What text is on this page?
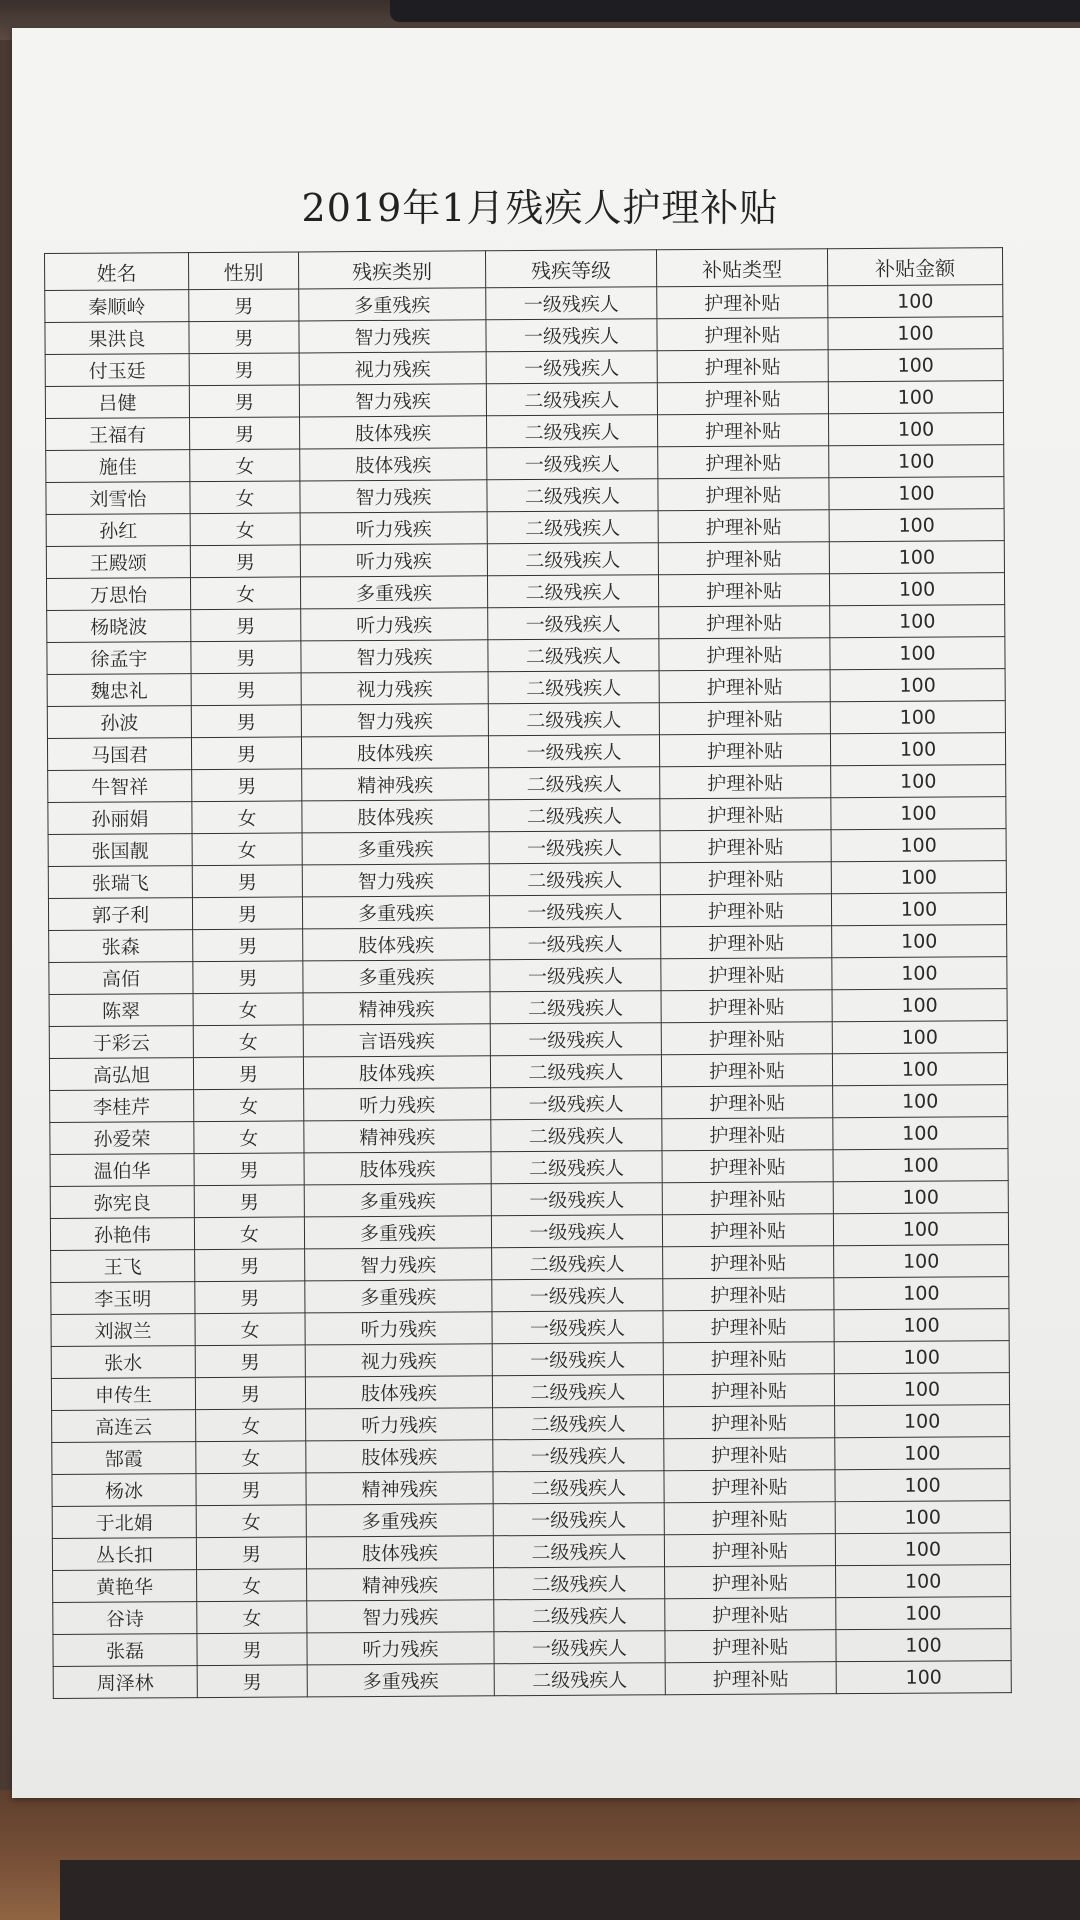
2019年1月残疾人护理补贴
姓名	性别	残疾类别	残疾等级	补贴类型	补贴金额
秦顺岭	男	多重残疾	一级残疾人	护理补贴	100
果洪良	男	智力残疾	一级残疾人	护理补贴	100
付玉廷	男	视力残疾	一级残疾人	护理补贴	100
吕健	男	智力残疾	二级残疾人	护理补贴	100
王福有	男	肢体残疾	二级残疾人	护理补贴	100
施佳	女	肢体残疾	一级残疾人	护理补贴	100
刘雪怡	女	智力残疾	二级残疾人	护理补贴	100
孙红	女	听力残疾	二级残疾人	护理补贴	100
王殿颂	男	听力残疾	二级残疾人	护理补贴	100
万思怡	女	多重残疾	二级残疾人	护理补贴	100
杨晓波	男	听力残疾	一级残疾人	护理补贴	100
徐孟宇	男	智力残疾	二级残疾人	护理补贴	100
魏忠礼	男	视力残疾	二级残疾人	护理补贴	100
孙波	男	智力残疾	二级残疾人	护理补贴	100
马国君	男	肢体残疾	一级残疾人	护理补贴	100
牛智祥	男	精神残疾	二级残疾人	护理补贴	100
孙丽娟	女	肢体残疾	二级残疾人	护理补贴	100
张国靓	女	多重残疾	一级残疾人	护理补贴	100
张瑞飞	男	智力残疾	二级残疾人	护理补贴	100
郭子利	男	多重残疾	一级残疾人	护理补贴	100
张森	男	肢体残疾	一级残疾人	护理补贴	100
高佰	男	多重残疾	一级残疾人	护理补贴	100
陈翠	女	精神残疾	二级残疾人	护理补贴	100
于彩云	女	言语残疾	一级残疾人	护理补贴	100
高弘旭	男	肢体残疾	二级残疾人	护理补贴	100
李桂芹	女	听力残疾	一级残疾人	护理补贴	100
孙爱荣	女	精神残疾	二级残疾人	护理补贴	100
温伯华	男	肢体残疾	二级残疾人	护理补贴	100
弥宪良	男	多重残疾	一级残疾人	护理补贴	100
孙艳伟	女	多重残疾	一级残疾人	护理补贴	100
王飞	男	智力残疾	二级残疾人	护理补贴	100
李玉明	男	多重残疾	一级残疾人	护理补贴	100
刘淑兰	女	听力残疾	一级残疾人	护理补贴	100
张水	男	视力残疾	一级残疾人	护理补贴	100
申传生	男	肢体残疾	二级残疾人	护理补贴	100
高连云	女	听力残疾	二级残疾人	护理补贴	100
郜霞	女	肢体残疾	一级残疾人	护理补贴	100
杨冰	男	精神残疾	二级残疾人	护理补贴	100
于北娟	女	多重残疾	一级残疾人	护理补贴	100
丛长扣	男	肢体残疾	二级残疾人	护理补贴	100
黄艳华	女	精神残疾	二级残疾人	护理补贴	100
谷诗	女	智力残疾	二级残疾人	护理补贴	100
张磊	男	听力残疾	一级残疾人	护理补贴	100
周泽林	男	多重残疾	二级残疾人	护理补贴	100
